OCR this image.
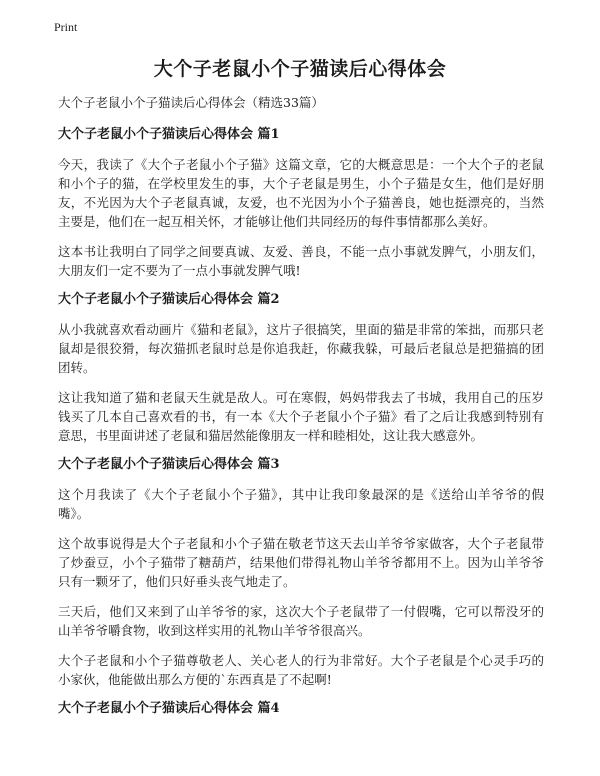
Print
大个子老鼠小个子猫读后心得体会

大个子老鼠小个子猫读后心得体会（精选33篇）

大个子老鼠小个子猫读后心得体会 篇1

今天，我读了《大个子老鼠小个子猫》这篇文章，它的大概意思是：一个大个子的老鼠和小个子的猫，在学校里发生的事，大个子老鼠是男生，小个子猫是女生，他们是好朋友，不光因为大个子老鼠真诚，友爱，也不光因为小个子猫善良，她也挺漂亮的，当然主要是，他们在一起互相关怀，才能够让他们共同经历的每件事情都那么美好。

这本书让我明白了同学之间要真诚、友爱、善良，不能一点小事就发脾气，小朋友们，大朋友们一定不要为了一点小事就发脾气哦!

大个子老鼠小个子猫读后心得体会 篇2

从小我就喜欢看动画片《猫和老鼠》，这片子很搞笑，里面的猫是非常的笨拙，而那只老鼠却是很狡猾，每次猫抓老鼠时总是你追我赶，你藏我躲，可最后老鼠总是把猫搞的团团转。

这让我知道了猫和老鼠天生就是敌人。可在寒假，妈妈带我去了书城，我用自己的压岁钱买了几本自己喜欢看的书，有一本《大个子老鼠小个子猫》看了之后让我感到特别有意思，书里面讲述了老鼠和猫居然能像朋友一样和睦相处，这让我大感意外。

大个子老鼠小个子猫读后心得体会 篇3

这个月我读了《大个子老鼠小个子猫》，其中让我印象最深的是《送给山羊爷爷的假嘴》。

这个故事说得是大个子老鼠和小个子猫在敬老节这天去山羊爷爷家做客，大个子老鼠带了炒蚕豆，小个子猫带了糖葫芦，结果他们带得礼物山羊爷爷都用不上。因为山羊爷爷只有一颗牙了，他们只好垂头丧气地走了。

三天后，他们又来到了山羊爷爷的家，这次大个子老鼠带了一付假嘴，它可以帮没牙的山羊爷爷嚼食物，收到这样实用的礼物山羊爷爷很高兴。

大个子老鼠和小个子猫尊敬老人、关心老人的行为非常好。大个子老鼠是个心灵手巧的小家伙，他能做出那么方便的`东西真是了不起啊!

大个子老鼠小个子猫读后心得体会 篇4
